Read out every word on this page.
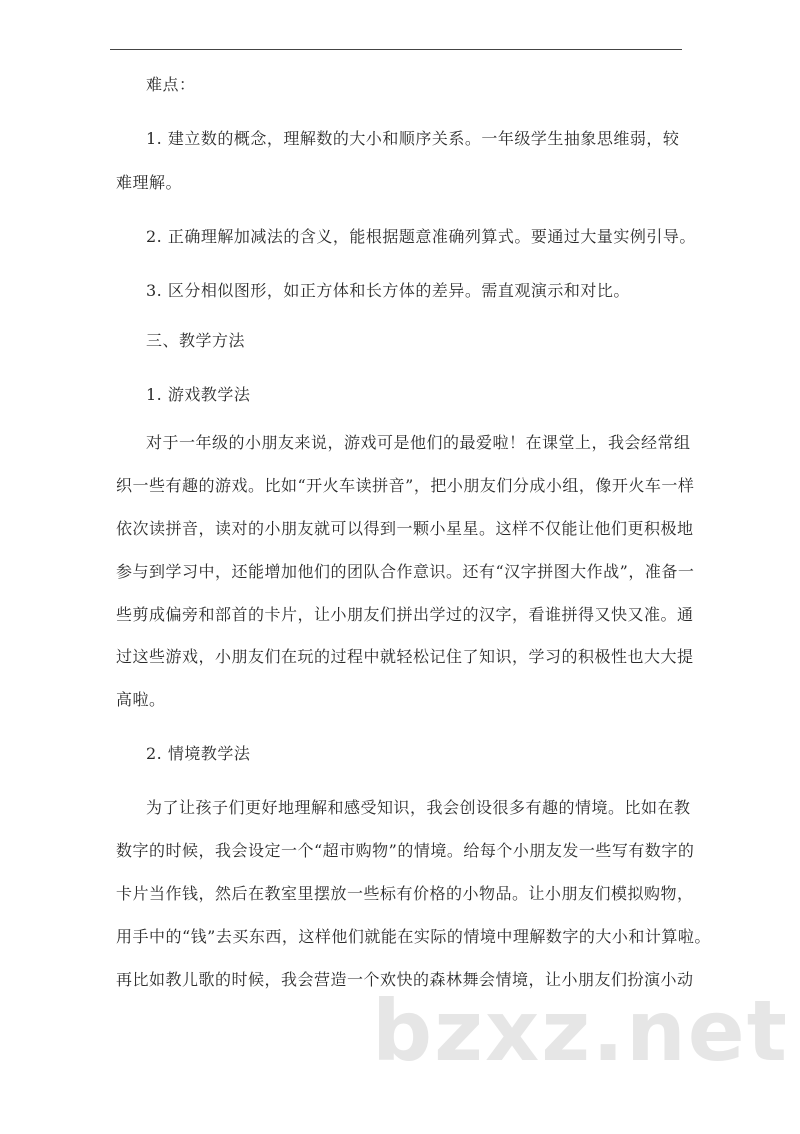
难点：
1. 建立数的概念，理解数的大小和顺序关系。一年级学生抽象思维弱，较
难理解。
2. 正确理解加减法的含义，能根据题意准确列算式。要通过大量实例引导。
3. 区分相似图形，如正方体和长方体的差异。需直观演示和对比。
三、教学方法
1. 游戏教学法
对于一年级的小朋友来说，游戏可是他们的最爱啦！在课堂上，我会经常组
织一些有趣的游戏。比如“开火车读拼音”，把小朋友们分成小组，像开火车一样
依次读拼音，读对的小朋友就可以得到一颗小星星。这样不仅能让他们更积极地
参与到学习中，还能增加他们的团队合作意识。还有“汉字拼图大作战”，准备一
些剪成偏旁和部首的卡片，让小朋友们拼出学过的汉字，看谁拼得又快又准。通
过这些游戏，小朋友们在玩的过程中就轻松记住了知识，学习的积极性也大大提
高啦。
2. 情境教学法
为了让孩子们更好地理解和感受知识，我会创设很多有趣的情境。比如在教
数字的时候，我会设定一个“超市购物”的情境。给每个小朋友发一些写有数字的
卡片当作钱，然后在教室里摆放一些标有价格的小物品。让小朋友们模拟购物，
用手中的“钱”去买东西，这样他们就能在实际的情境中理解数字的大小和计算啦。
再比如教儿歌的时候，我会营造一个欢快的森林舞会情境，让小朋友们扮演小动
bzxz.net
